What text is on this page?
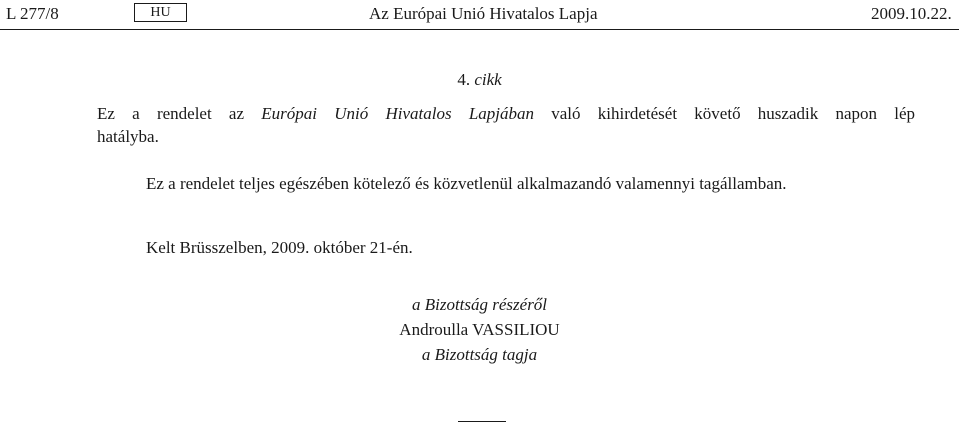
L 277/8	HU	Az Európai Unió Hivatalos Lapja	2009.10.22.
4. cikk
Ez a rendelet az Európai Unió Hivatalos Lapjában való kihirdetését követő huszadik napon lép
hatályba.
Ez a rendelet teljes egészében kötelező és közvetlenül alkalmazandó valamennyi tagállamban.
Kelt Brüsszelben, 2009. október 21-én.
a Bizottság részéről
Androulla VASSILIOU
a Bizottság tagja
